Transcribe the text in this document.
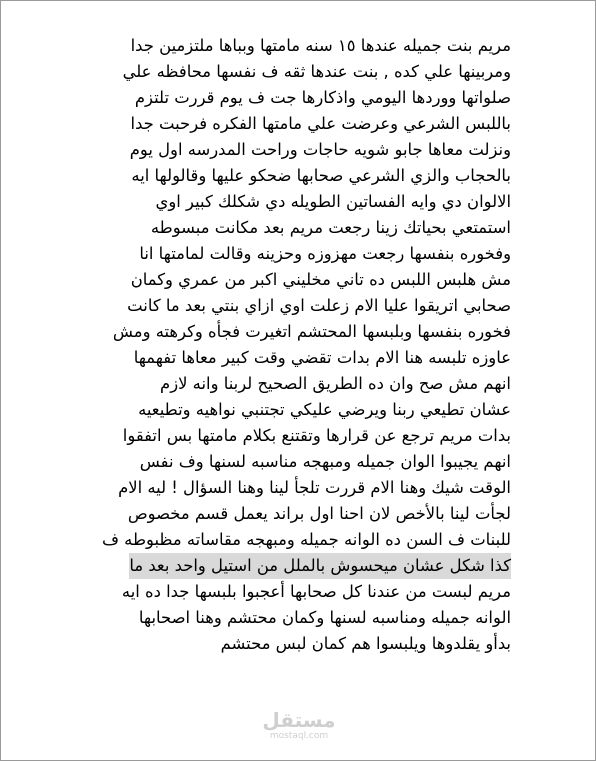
مريم بنت جميله عندها ١٥ سنه مامتها وبباها ملتزمين جدا
ومربينها علي كده , بنت عندها ثقه ف نفسها محافظه علي
صلواتها ووردها اليومي واذكارها جت ف يوم قررت تلتزم
باللبس الشرعي وعرضت علي مامتها الفكره فرحبت جدا
ونزلت معاها جابو شويه حاجات وراحت المدرسه اول يوم
بالحجاب والزي الشرعي صحابها ضحكو عليها وقالولها ايه
الالوان دي وايه الفساتين الطويله دي شكلك كبير اوي
استمتعي بحياتك زينا رجعت مريم بعد مكانت مبسوطه
وفخوره بنفسها رجعت مهزوزه وحزينه وقالت لمامتها انا
مش هلبس اللبس ده تاني مخليني اكبر من عمري وكمان
صحابي اتريقوا عليا الام زعلت اوي ازاي بنتي بعد ما كانت
فخوره بنفسها وبلبسها المحتشم اتغيرت فجأه وكرهته ومش
عاوزه تلبسه هنا الام بدات تقضي وقت كبير معاها تفهمها
انهم مش صح وان ده الطريق الصحيح لربنا وانه لازم
عشان تطيعي ربنا ويرضي عليكي تجتنبي نواهيه وتطيعيه
بدات مريم ترجع عن قرارها وتقتنع بكلام مامتها بس اتفقوا
انهم يجيبوا الوان جميله ومبهجه مناسبه لسنها وف نفس
الوقت شيك وهنا الام قررت تلجأ لينا وهنا السؤال ! ليه الام
لجأت لينا بالأخص لان احنا اول براند يعمل قسم مخصوص
للبنات ف السن ده الوانه جميله ومبهجه مقاساته مظبوطه ف
كذا شكل عشان ميحسوش بالملل من استيل واحد بعد ما
مريم لبست من عندنا كل صحابها أعجبوا بلبسها جدا ده ايه
الوانه جميله ومناسبه لسنها وكمان محتشم وهنا اصحابها
بدأو يقلدوها ويلبسوا هم كمان لبس محتشم
مستقل
mostaql.com
